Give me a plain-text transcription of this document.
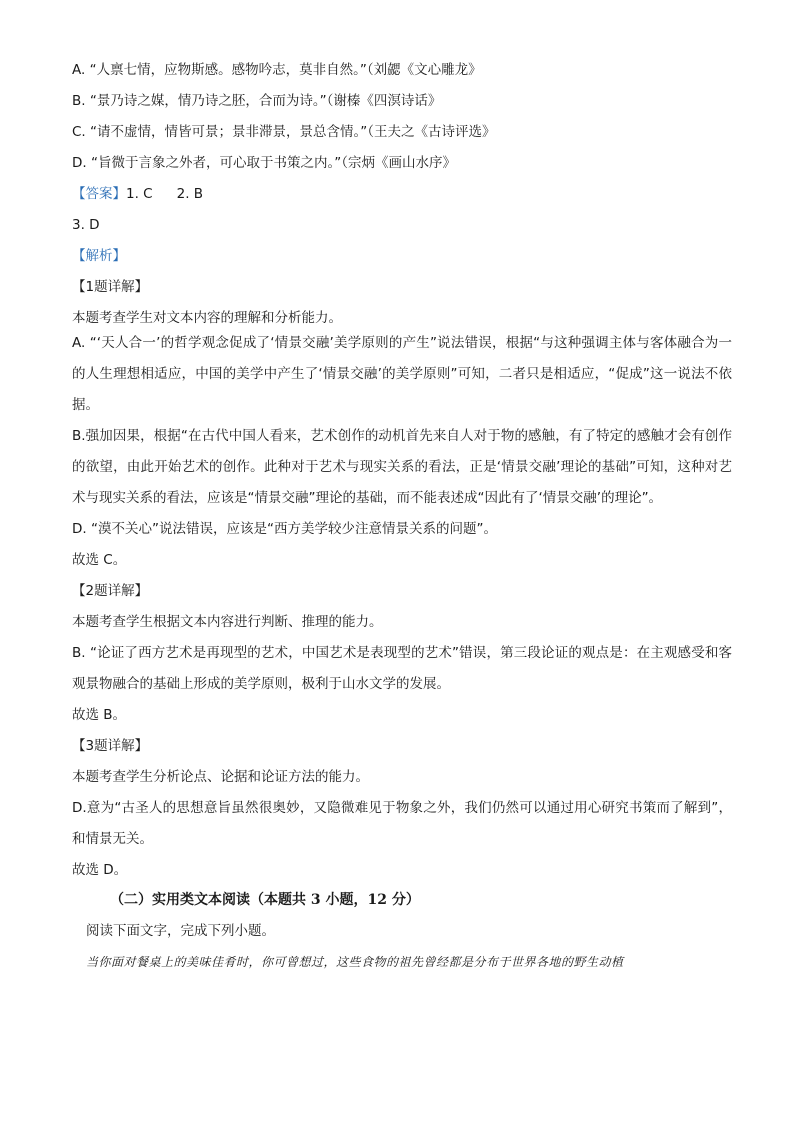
A. “人禀七情，应物斯感。感物吟志，莫非自然。”（刘勰《文心雕龙》

B. “景乃诗之媒，情乃诗之胚，合而为诗。”（谢榛《四溟诗话》

C. “请不虚情，情皆可景；景非滞景，景总含情。”（王夫之《古诗评选》

D. “旨微于言象之外者，可心取于书策之内。”（宗炳《画山水序》

【答案】1. C 2. B

3. D

【解析】

【1题详解】

本题考查学生对文本内容的理解和分析能力。

A. “‘天人合一’的哲学观念促成了‘情景交融’美学原则的产生”说法错误，根据“与这种强调主体与客体融合为一的人生理想相适应，中国的美学中产生了‘情景交融’的美学原则”可知，二者只是相适应，“促成”这一说法不依据。

B.强加因果，根据“在古代中国人看来，艺术创作的动机首先来自人对于物的感触，有了特定的感触才会有创作的欲望，由此开始艺术的创作。此种对于艺术与现实关系的看法，正是‘情景交融’理论的基础”可知，这种对艺术与现实关系的看法，应该是“情景交融”理论的基础，而不能表述成“因此有了‘情景交融’的理论”。

D. “漠不关心”说法错误，应该是“西方美学较少注意情景关系的问题”。

故选 C。

【2题详解】

本题考查学生根据文本内容进行判断、推理的能力。

B. “论证了西方艺术是再现型的艺术，中国艺术是表现型的艺术”错误，第三段论证的观点是：在主观感受和客观景物融合的基础上形成的美学原则，极利于山水文学的发展。

故选 B。

【3题详解】

本题考查学生分析论点、论据和论证方法的能力。

D.意为“古圣人的思想意旨虽然很奥妙，又隐微难见于物象之外，我们仍然可以通过用心研究书策而了解到”，和情景无关。

故选 D。

（二）实用类文本阅读（本题共 3 小题，12 分）

阅读下面文字，完成下列小题。

当你面对餐桌上的美味佳肴时，你可曾想过，这些食物的祖先曾经都是分布于世界各地的野生动植
